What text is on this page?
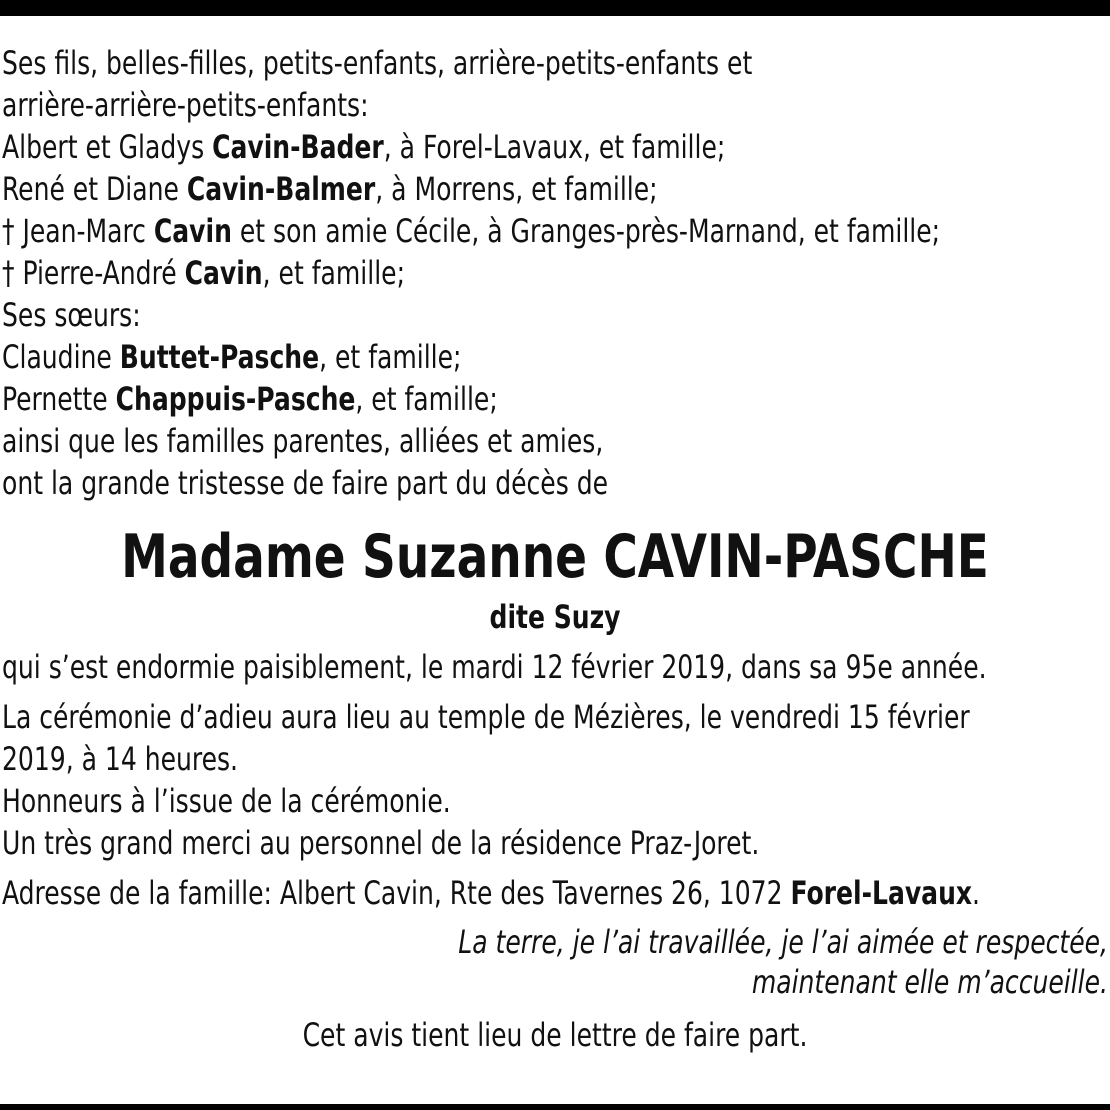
Ses fils, belles-filles, petits-enfants, arrière-petits-enfants et
arrière-arrière-petits-enfants:
Albert et Gladys Cavin-Bader, à Forel-Lavaux, et famille;
René et Diane Cavin-Balmer, à Morrens, et famille;
† Jean-Marc Cavin et son amie Cécile, à Granges-près-Marnand, et famille;
† Pierre-André Cavin, et famille;
Ses sœurs:
Claudine Buttet-Pasche, et famille;
Pernette Chappuis-Pasche, et famille;
ainsi que les familles parentes, alliées et amies,
ont la grande tristesse de faire part du décès de
Madame Suzanne CAVIN-PASCHE
dite Suzy
qui s’est endormie paisiblement, le mardi 12 février 2019, dans sa 95e année.
La cérémonie d’adieu aura lieu au temple de Mézières, le vendredi 15 février
2019, à 14 heures.
Honneurs à l’issue de la cérémonie.
Un très grand merci au personnel de la résidence Praz-Joret.
Adresse de la famille: Albert Cavin, Rte des Tavernes 26, 1072 Forel-Lavaux.
La terre, je l’ai travaillée, je l’ai aimée et respectée,
maintenant elle m’accueille.
Cet avis tient lieu de lettre de faire part.
